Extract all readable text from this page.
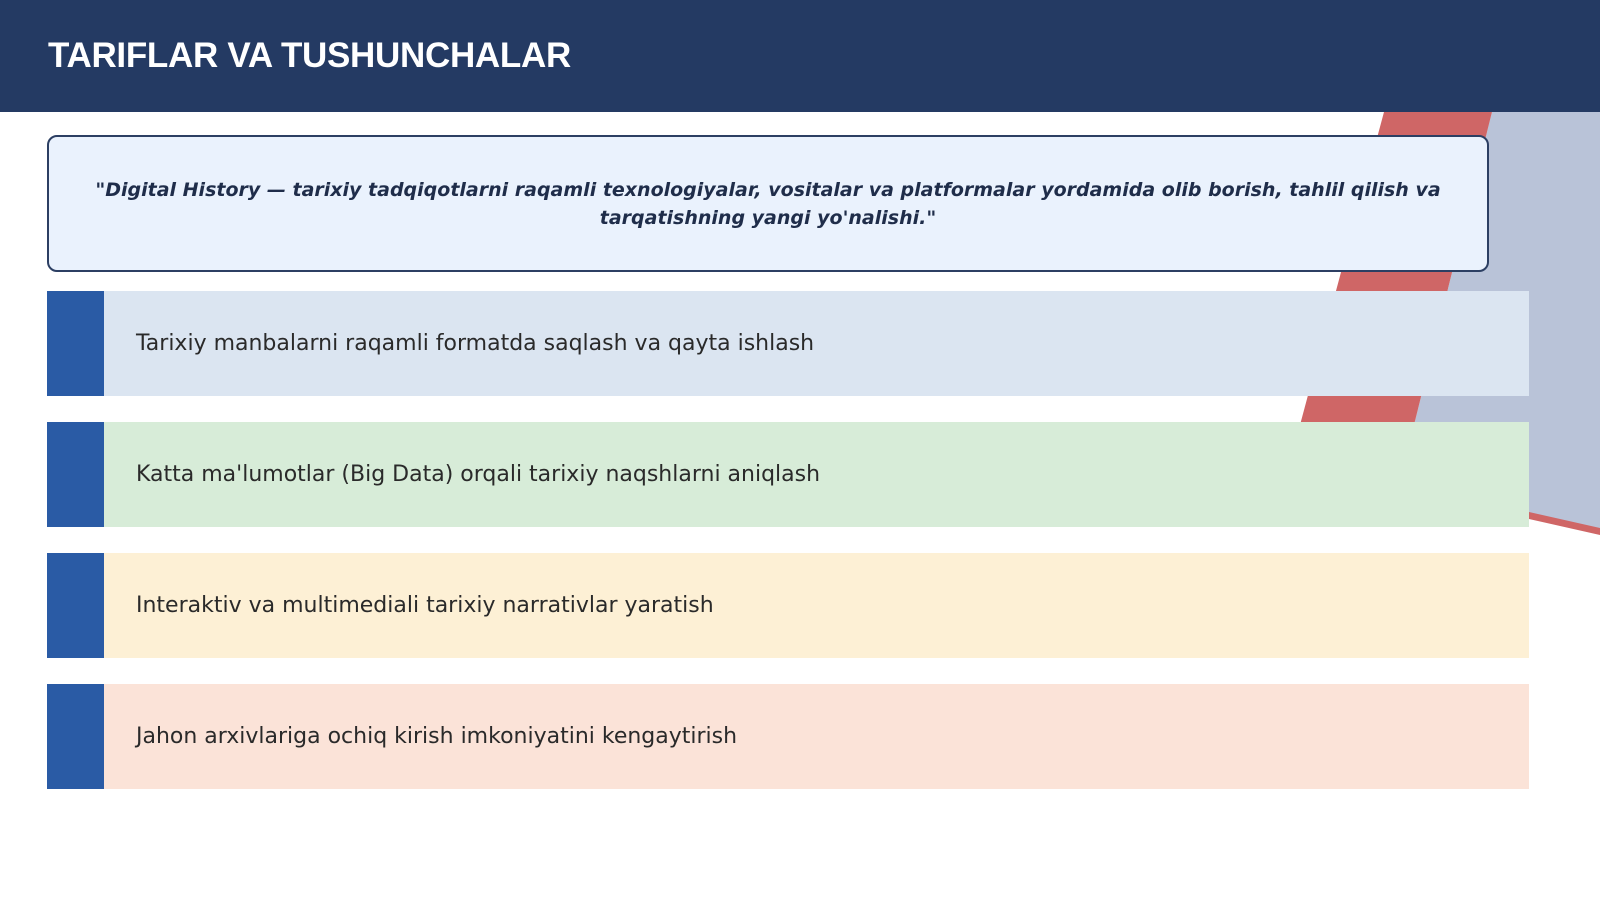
TARIFLAR VA TUSHUNCHALAR
"Digital History — tarixiy tadqiqotlarni raqamli texnologiyalar, vositalar va platformalar yordamida olib borish, tahlil qilish va tarqatishning yangi yo'nalishi."
Tarixiy manbalarni raqamli formatda saqlash va qayta ishlash
Katta ma'lumotlar (Big Data) orqali tarixiy naqshlarni aniqlash
Interaktiv va multimediali tarixiy narrativlar yaratish
Jahon arxivlariga ochiq kirish imkoniyatini kengaytirish
